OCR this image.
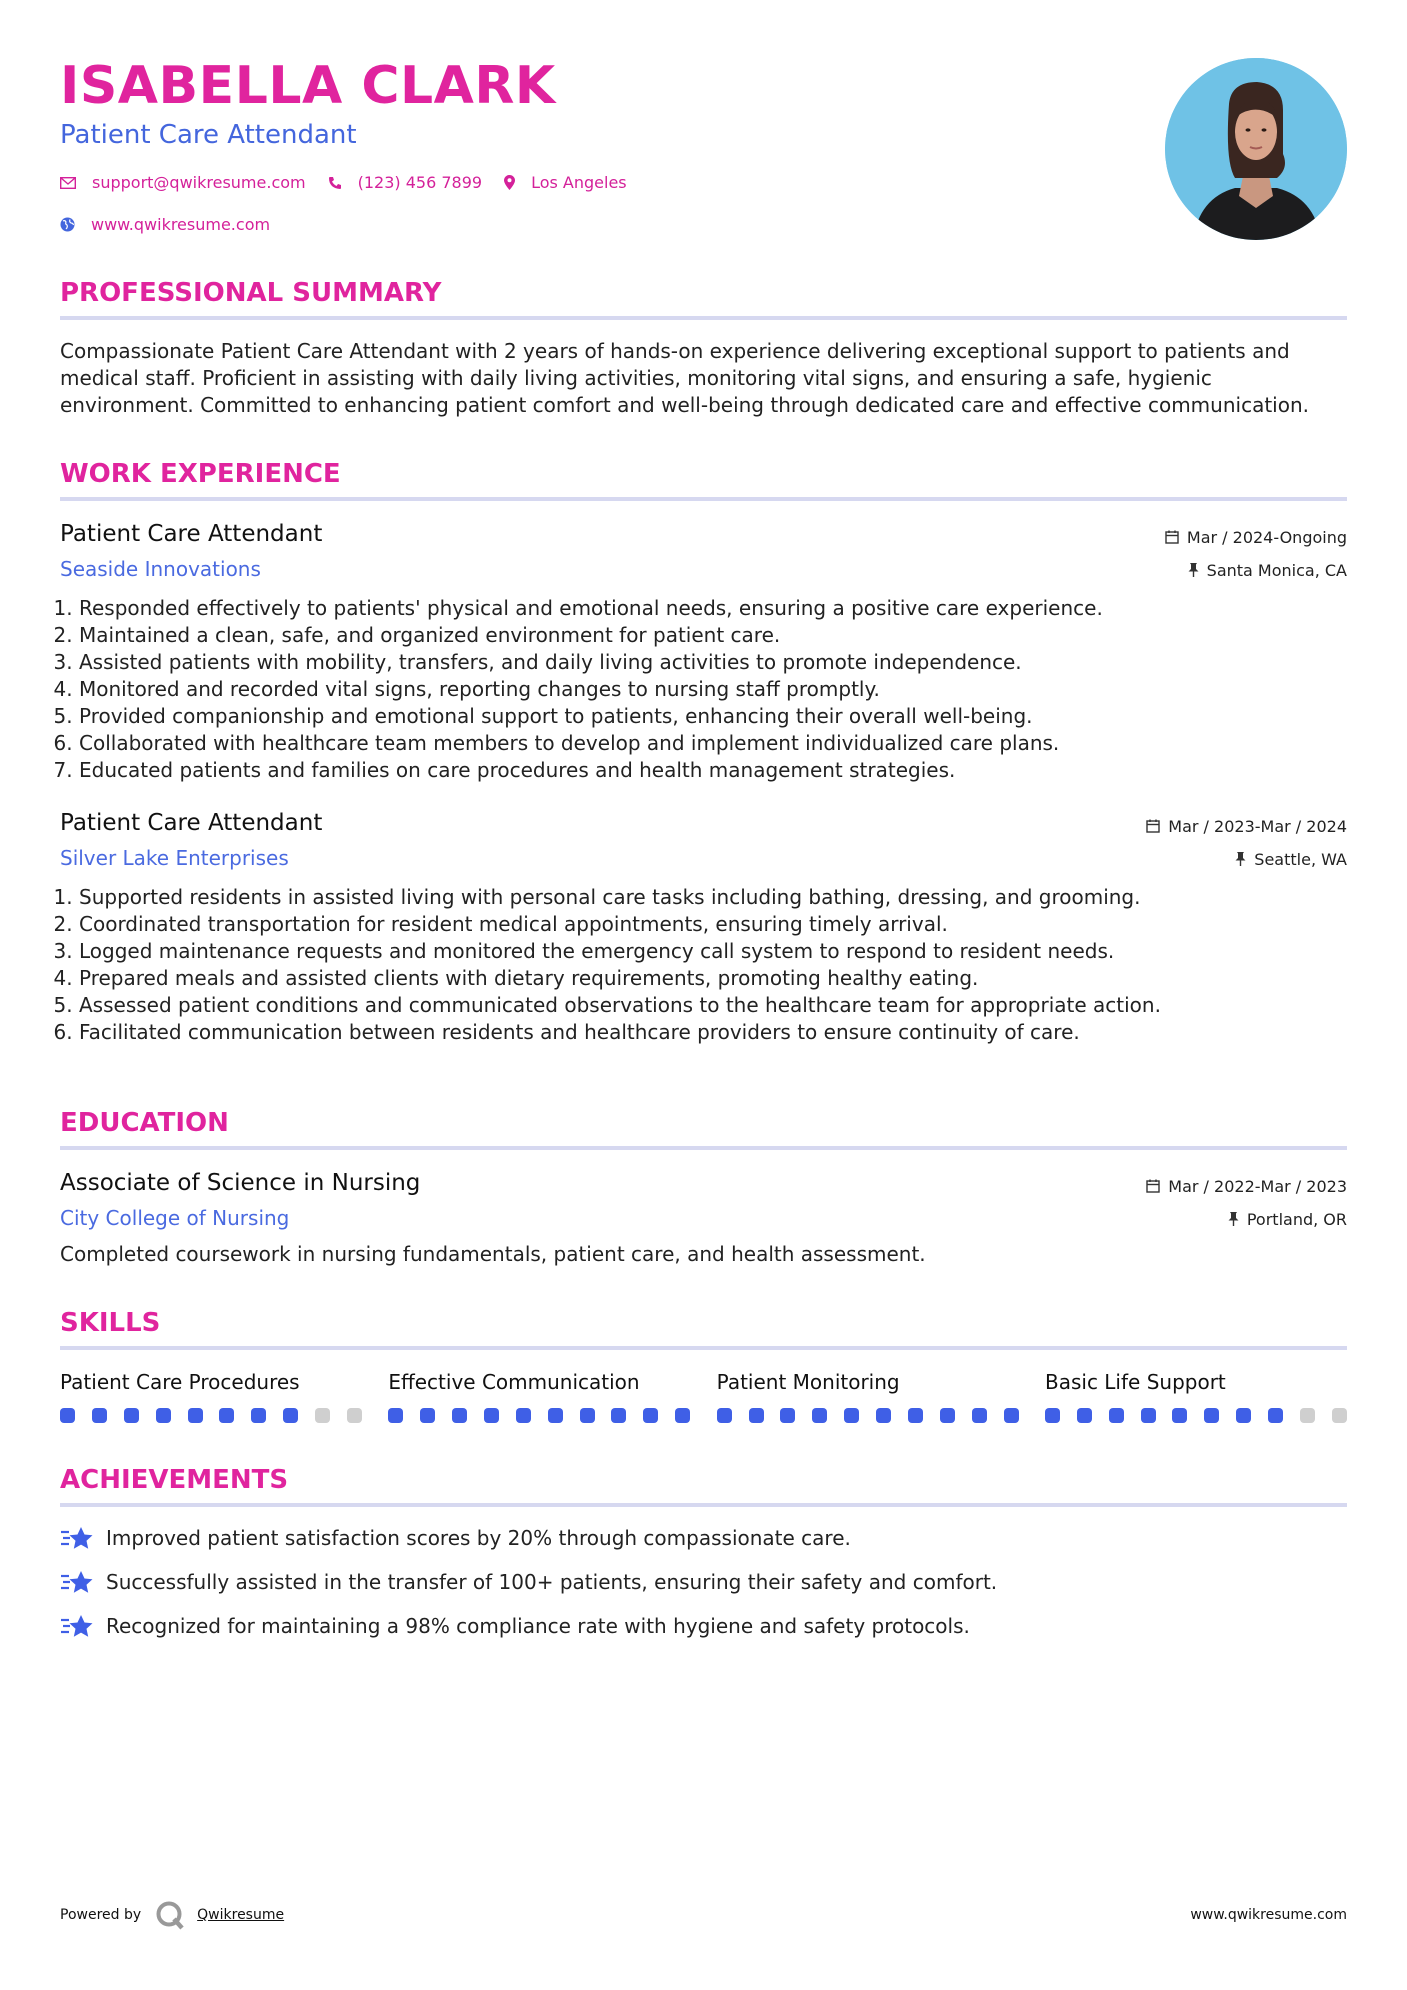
ISABELLA CLARK
Patient Care Attendant
support@qwikresume.com	(123) 456 7899	Los Angeles
www.qwikresume.com
PROFESSIONAL SUMMARY

Compassionate Patient Care Attendant with 2 years of hands-on experience delivering exceptional support to patients and medical staff. Proficient in assisting with daily living activities, monitoring vital signs, and ensuring a safe, hygienic environment. Committed to enhancing patient comfort and well-being through dedicated care and effective communication.

WORK EXPERIENCE
Patient Care Attendant

Seaside Innovations

Mar / 2024-Ongoing
Santa Monica, CA
1. Responded effectively to patients' physical and emotional needs, ensuring a positive care experience.
2. Maintained a clean, safe, and organized environment for patient care.
3. Assisted patients with mobility, transfers, and daily living activities to promote independence.
4. Monitored and recorded vital signs, reporting changes to nursing staff promptly.
5. Provided companionship and emotional support to patients, enhancing their overall well-being.
6. Collaborated with healthcare team members to develop and implement individualized care plans.
7. Educated patients and families on care procedures and health management strategies.
Patient Care Attendant

Silver Lake Enterprises

Mar / 2023-Mar / 2024
Seattle, WA
1. Supported residents in assisted living with personal care tasks including bathing, dressing, and grooming.
2. Coordinated transportation for resident medical appointments, ensuring timely arrival.
3. Logged maintenance requests and monitored the emergency call system to respond to resident needs.
4. Prepared meals and assisted clients with dietary requirements, promoting healthy eating.
5. Assessed patient conditions and communicated observations to the healthcare team for appropriate action.
6. Facilitated communication between residents and healthcare providers to ensure continuity of care.
EDUCATION
Associate of Science in Nursing

City College of Nursing

Mar / 2022-Mar / 2023
Portland, OR

Completed coursework in nursing fundamentals, patient care, and health assessment.

SKILLS

Patient Care Procedures	Effective Communication	Patient Monitoring	Basic Life Support

ACHIEVEMENTS
Improved patient satisfaction scores by 20% through compassionate care.
Successfully assisted in the transfer of 100+ patients, ensuring their safety and comfort.
Recognized for maintaining a 98% compliance rate with hygiene and safety protocols.
Powered by	Qwikresume	www.qwikresume.com
